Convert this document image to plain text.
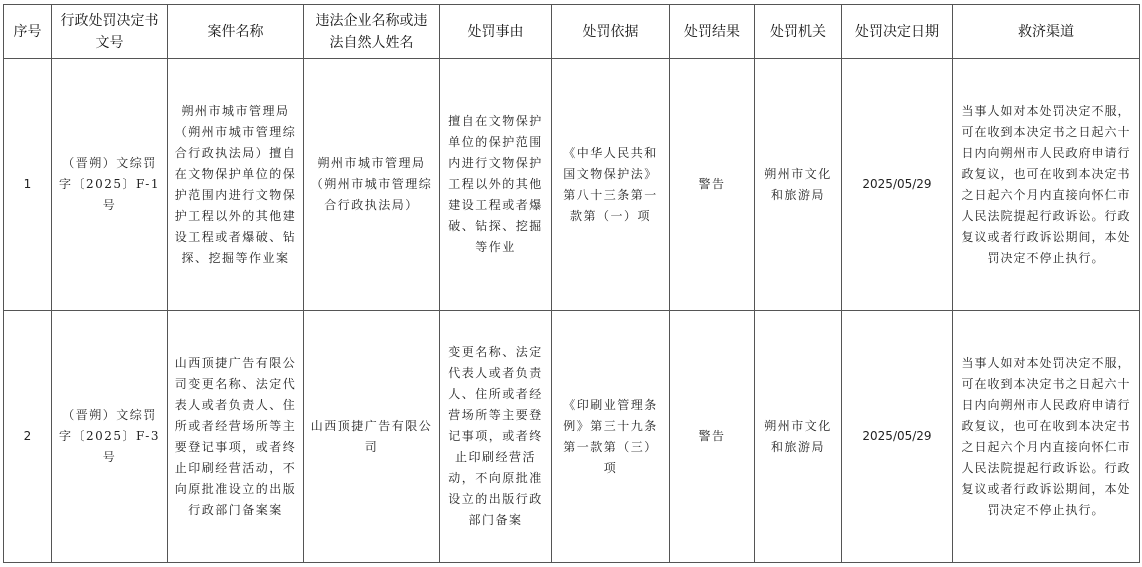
序号	行政处罚决定书文号	案件名称	违法企业名称或违法自然人姓名	处罚事由	处罚依据	处罚结果	处罚机关	处罚决定日期	救济渠道
1	（晋朔）文综罚字〔2025〕F-1号	朔州市城市管理局（朔州市城市管理综合行政执法局）擅自在文物保护单位的保护范围内进行文物保护工程以外的其他建设工程或者爆破、钻探、挖掘等作业案	朔州市城市管理局（朔州市城市管理综合行政执法局）	擅自在文物保护单位的保护范围内进行文物保护工程以外的其他建设工程或者爆破、钻探、挖掘等作业	《中华人民共和国文物保护法》第八十三条第一款第（一）项	警告	朔州市文化和旅游局	2025/05/29	当事人如对本处罚决定不服，可在收到本决定书之日起六十日内向朔州市人民政府申请行政复议，也可在收到本决定书之日起六个月内直接向怀仁市人民法院提起行政诉讼。行政复议或者行政诉讼期间，本处罚决定不停止执行。
2	（晋朔）文综罚字〔2025〕F-3号	山西顶捷广告有限公司变更名称、法定代表人或者负责人、住所或者经营场所等主要登记事项，或者终止印刷经营活动，不向原批准设立的出版行政部门备案案	山西顶捷广告有限公司	变更名称、法定代表人或者负责人、住所或者经营场所等主要登记事项，或者终止印刷经营活动，不向原批准设立的出版行政部门备案	《印刷业管理条例》第三十九条第一款第（三）项	警告	朔州市文化和旅游局	2025/05/29	当事人如对本处罚决定不服，可在收到本决定书之日起六十日内向朔州市人民政府申请行政复议，也可在收到本决定书之日起六个月内直接向怀仁市人民法院提起行政诉讼。行政复议或者行政诉讼期间，本处罚决定不停止执行。
